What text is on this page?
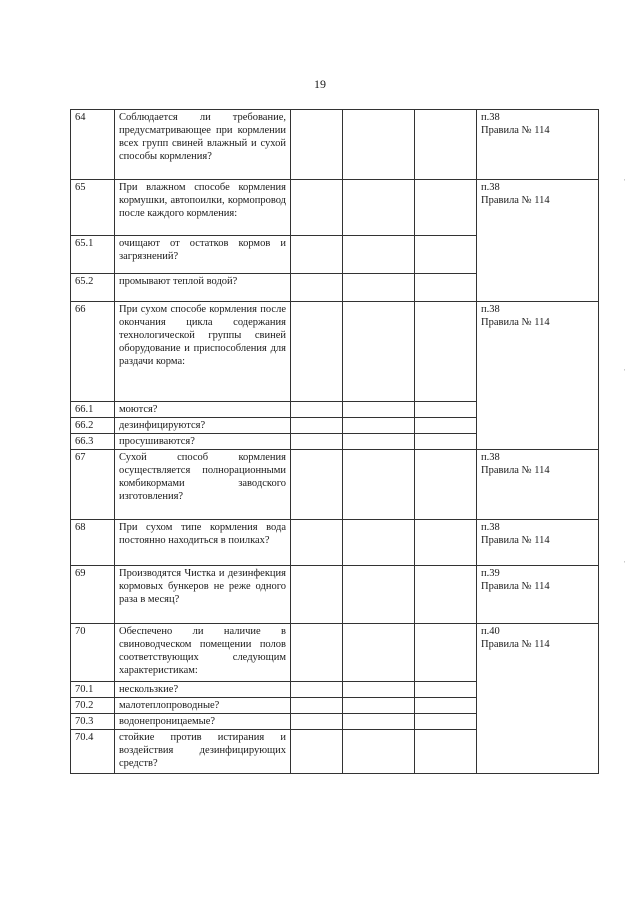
19
64	Соблюдается ли требование, предусматривающее при кормлении всех групп свиней влажный и сухой способы кормления?				п.38
Правила № 114

65	При влажном способе кормления кормушки, автопоилки, кормопровод после каждого кормления:				п.38
Правила № 114

65.1	очищают от остатков кормов и загрязнений?				
65.2	промывают теплой водой?				
66	При сухом способе кормления после окончания цикла содержания технологической группы свиней оборудование и приспособления для раздачи корма:				п.38
Правила № 114

66.1	моются?				
66.2	дезинфицируются?				
66.3	просушиваются?				
67	Сухой способ кормления осуществляется полнорационными комбикормами заводского изготовления?				п.38
Правила № 114

68	При сухом типе кормления вода постоянно находиться в поилках?				п.38
Правила № 114

69	Производятся Чистка и дезинфекция кормовых бункеров не реже одного раза в месяц?				п.39
Правила № 114

70	Обеспечено ли наличие в свиноводческом помещении полов соответствующих следующим характеристикам:				п.40
Правила № 114

70.1	нескользкие?				
70.2	малотеплопроводные?				
70.3	водонепроницаемые?				
70.4	стойкие против истирания и воздействия дезинфицирующих средств?				
ˈ
ˈ
ˈ
